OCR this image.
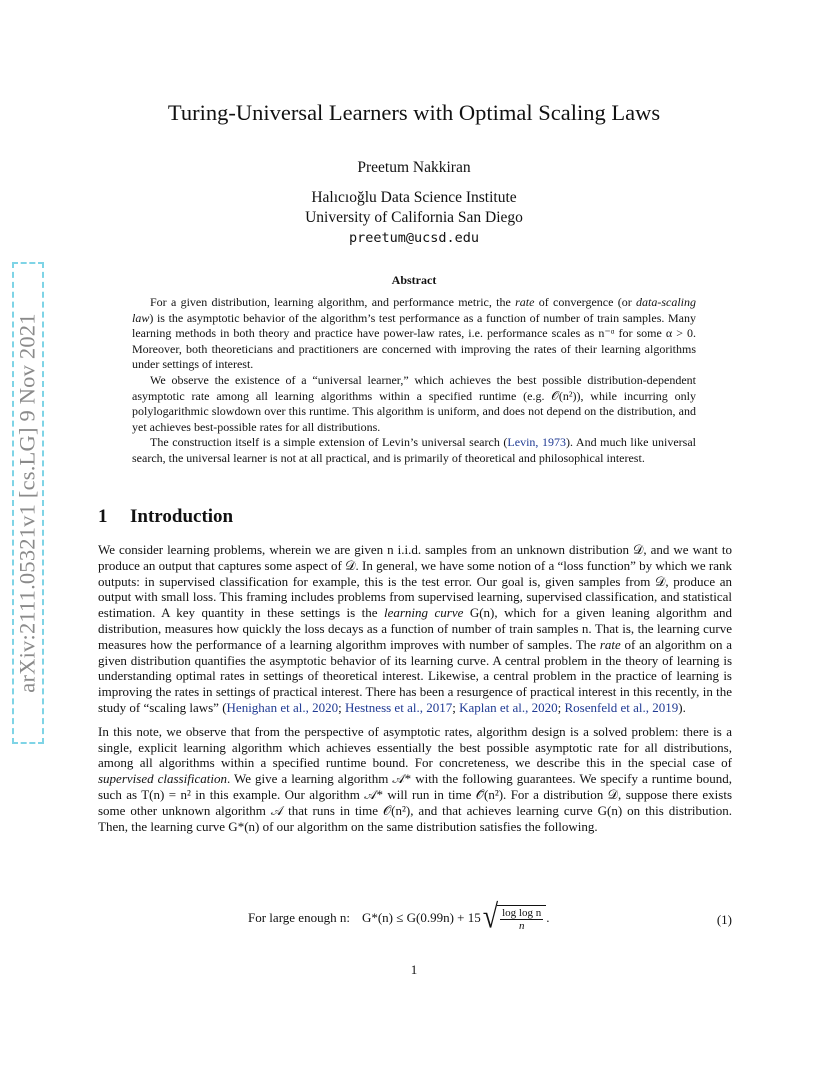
arXiv:2111.05321v1 [cs.LG] 9 Nov 2021
Turing-Universal Learners with Optimal Scaling Laws
Preetum Nakkiran
Halıcıoğlu Data Science Institute
University of California San Diego
preetum@ucsd.edu
Abstract

For a given distribution, learning algorithm, and performance metric, the rate of convergence (or data-scaling law) is the asymptotic behavior of the algorithm’s test performance as a function of number of train samples. Many learning methods in both theory and practice have power-law rates, i.e. performance scales as n⁻ᵅ for some α > 0. Moreover, both theoreticians and practitioners are concerned with improving the rates of their learning algorithms under settings of interest.

We observe the existence of a “universal learner,” which achieves the best possible distribution-dependent asymptotic rate among all learning algorithms within a specified runtime (e.g. 𝒪(n²)), while incurring only polylogarithmic slowdown over this runtime. This algorithm is uniform, and does not depend on the distribution, and yet achieves best-possible rates for all distributions.

The construction itself is a simple extension of Levin’s universal search (Levin, 1973). And much like universal search, the universal learner is not at all practical, and is primarily of theoretical and philosophical interest.

1 Introduction

We consider learning problems, wherein we are given n i.i.d. samples from an unknown distribution 𝒟, and we want to produce an output that captures some aspect of 𝒟. In general, we have some notion of a “loss function” by which we rank outputs: in supervised classification for example, this is the test error. Our goal is, given samples from 𝒟, produce an output with small loss. This framing includes problems from supervised learning, supervised classification, and statistical estimation. A key quantity in these settings is the learning curve G(n), which for a given leaning algorithm and distribution, measures how quickly the loss decays as a function of number of train samples n. That is, the learning curve measures how the performance of a learning algorithm improves with number of samples. The rate of an algorithm on a given distribution quantifies the asymptotic behavior of its learning curve. A central problem in the theory of learning is understanding optimal rates in settings of theoretical interest. Likewise, a central problem in the practice of learning is improving the rates in settings of practical interest. There has been a resurgence of practical interest in this recently, in the study of “scaling laws” (Henighan et al., 2020; Hestness et al., 2017; Kaplan et al., 2020; Rosenfeld et al., 2019).

In this note, we observe that from the perspective of asymptotic rates, algorithm design is a solved problem: there is a single, explicit learning algorithm which achieves essentially the best possible asymptotic rate for all distributions, among all algorithms within a specified runtime bound. For concreteness, we describe this in the special case of supervised classification. We give a learning algorithm 𝒜* with the following guarantees. We specify a runtime bound, such as T(n) = n² in this example. Our algorithm 𝒜* will run in time 𝒪̃(n²). For a distribution 𝒟, suppose there exists some other unknown algorithm 𝒜 that runs in time 𝒪(n²), and that achieves learning curve G(n) on this distribution. Then, the learning curve G*(n) of our algorithm on the same distribution satisfies the following.

For large enough n: G*(n) ≤ G(0.99n) + 15 √ $\frac{\text{log log n}}{n}$ .	(1)
1
